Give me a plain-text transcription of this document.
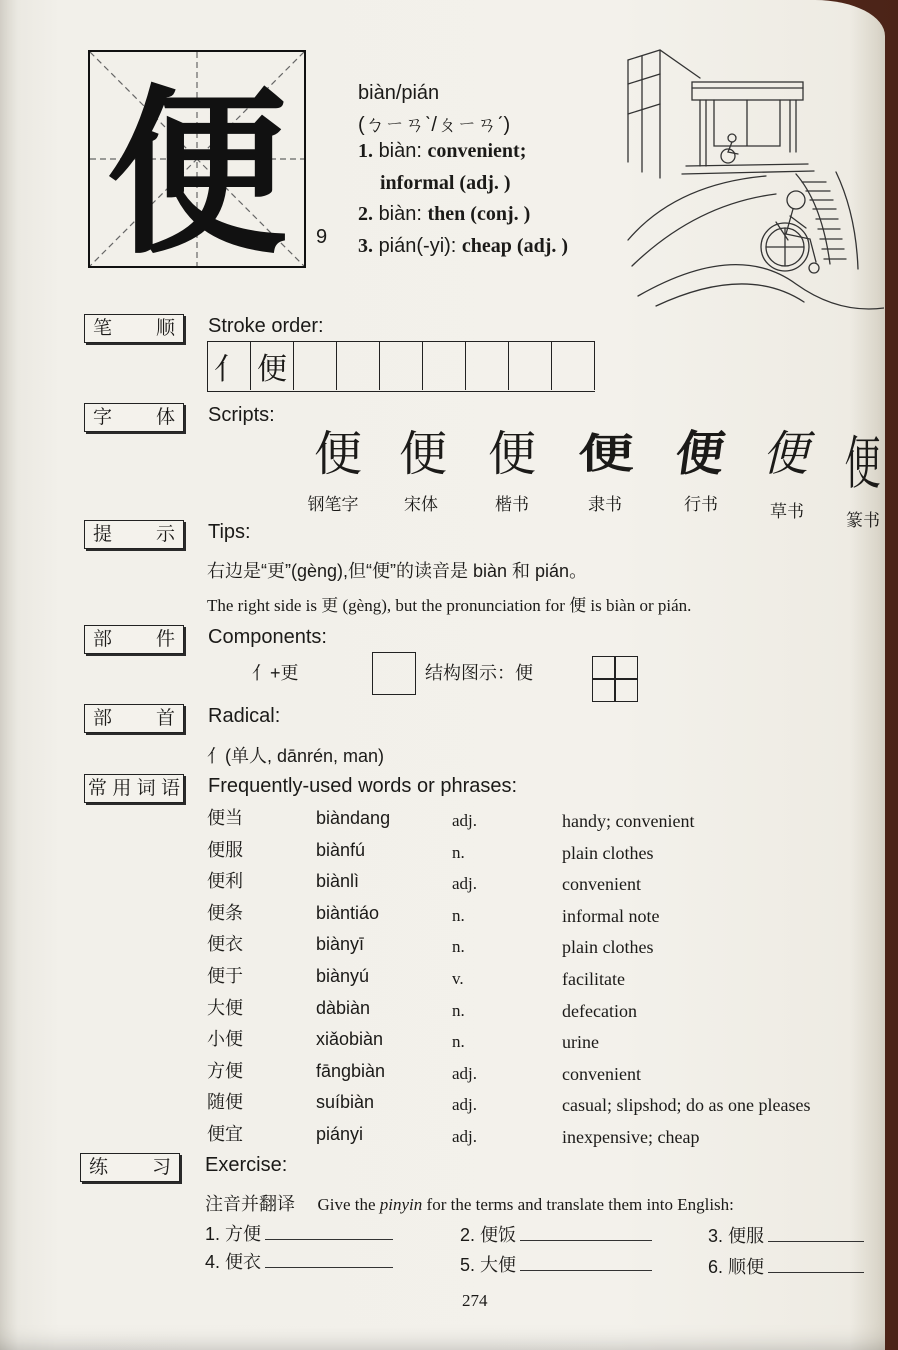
便	9
biàn/pián
(ㄅㄧㄢˋ/ㄆㄧㄢˊ)
1. biàn: convenient;
informal (adj. )
2. biàn: then (conj. )
3. pián(-yi): cheap (adj. )
笔 顺	Stroke order:
亻 便
字 体	Scripts:
便 便 便 便 便 便 便
钢笔字	宋体	楷书	隶书	行书	草书	篆书
提 示	Tips:
右边是“更”(gèng),但“便”的读音是 biàn 和 pián。
The right side is 更 (gèng), but the pronunciation for 便 is biàn or pián.
部 件	Components:
亻+更	结构图示：便
部 首	Radical:
亻(单人, dānrén, man)
常用词语 Frequently-used words or phrases:
便当	biàndang	adj.	handy; convenient
便服	biànfú	n.	plain clothes
便利	biànlì	adj.	convenient
便条	biàntiáo	n.	informal note
便衣	biànyī	n.	plain clothes
便于	biànyú	v.	facilitate
大便	dàbiàn	n.	defecation
小便	xiǎobiàn	n.	urine
方便	fāngbiàn	adj.	convenient
随便	suíbiàn	adj.	casual; slipshod; do as one pleases
便宜	piányi	adj.	inexpensive; cheap
练 习	Exercise:
注音并翻译 Give the pinyin for the terms and translate them into English:
1. 方便	2. 便饭	3. 便服
4. 便衣	5. 大便	6. 顺便
274
